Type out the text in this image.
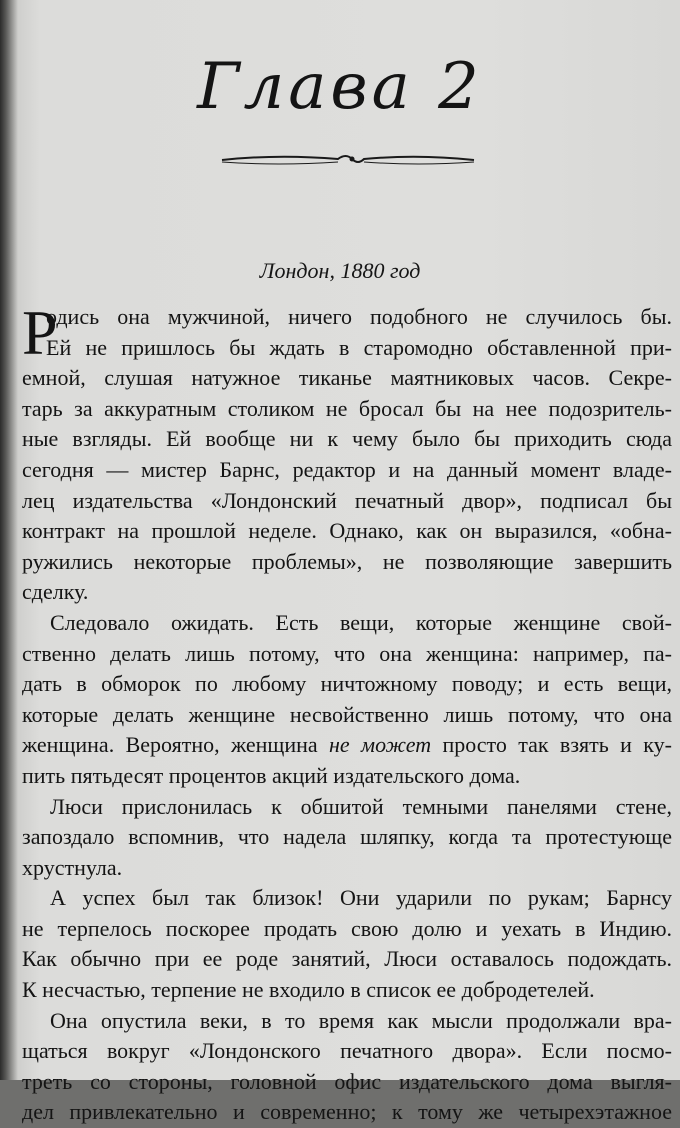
Глава 2
Лондон, 1880 год
Р
одись она мужчиной, ничего подобного не случилось бы.
Ей не пришлось бы ждать в старомодно обставленной при-
емной, слушая натужное тиканье маятниковых часов. Секре-
тарь за аккуратным столиком не бросал бы на нее подозритель-
ные взгляды. Ей вообще ни к чему было бы приходить сюда
сегодня — мистер Барнс, редактор и на данный момент владе-
лец издательства «Лондонский печатный двор», подписал бы
контракт на прошлой неделе. Однако, как он выразился, «обна-
ружились некоторые проблемы», не позволяющие завершить
сделку.
Следовало ожидать. Есть вещи, которые женщине свой-
ственно делать лишь потому, что она женщина: например, па-
дать в обморок по любому ничтожному поводу; и есть вещи,
которые делать женщине несвойственно лишь потому, что она
женщина. Вероятно, женщина не может просто так взять и ку-
пить пятьдесят процентов акций издательского дома.
Люси прислонилась к обшитой темными панелями стене,
запоздало вспомнив, что надела шляпку, когда та протестующе
хрустнула.
А успех был так близок! Они ударили по рукам; Барнсу
не терпелось поскорее продать свою долю и уехать в Индию.
Как обычно при ее роде занятий, Люси оставалось подождать.
К несчастью, терпение не входило в список ее добродетелей.
Она опустила веки, в то время как мысли продолжали вра-
щаться вокруг «Лондонского печатного двора». Если посмо-
треть со стороны, головной офис издательского дома выгля-
дел привлекательно и современно; к тому же четырехэтажное
